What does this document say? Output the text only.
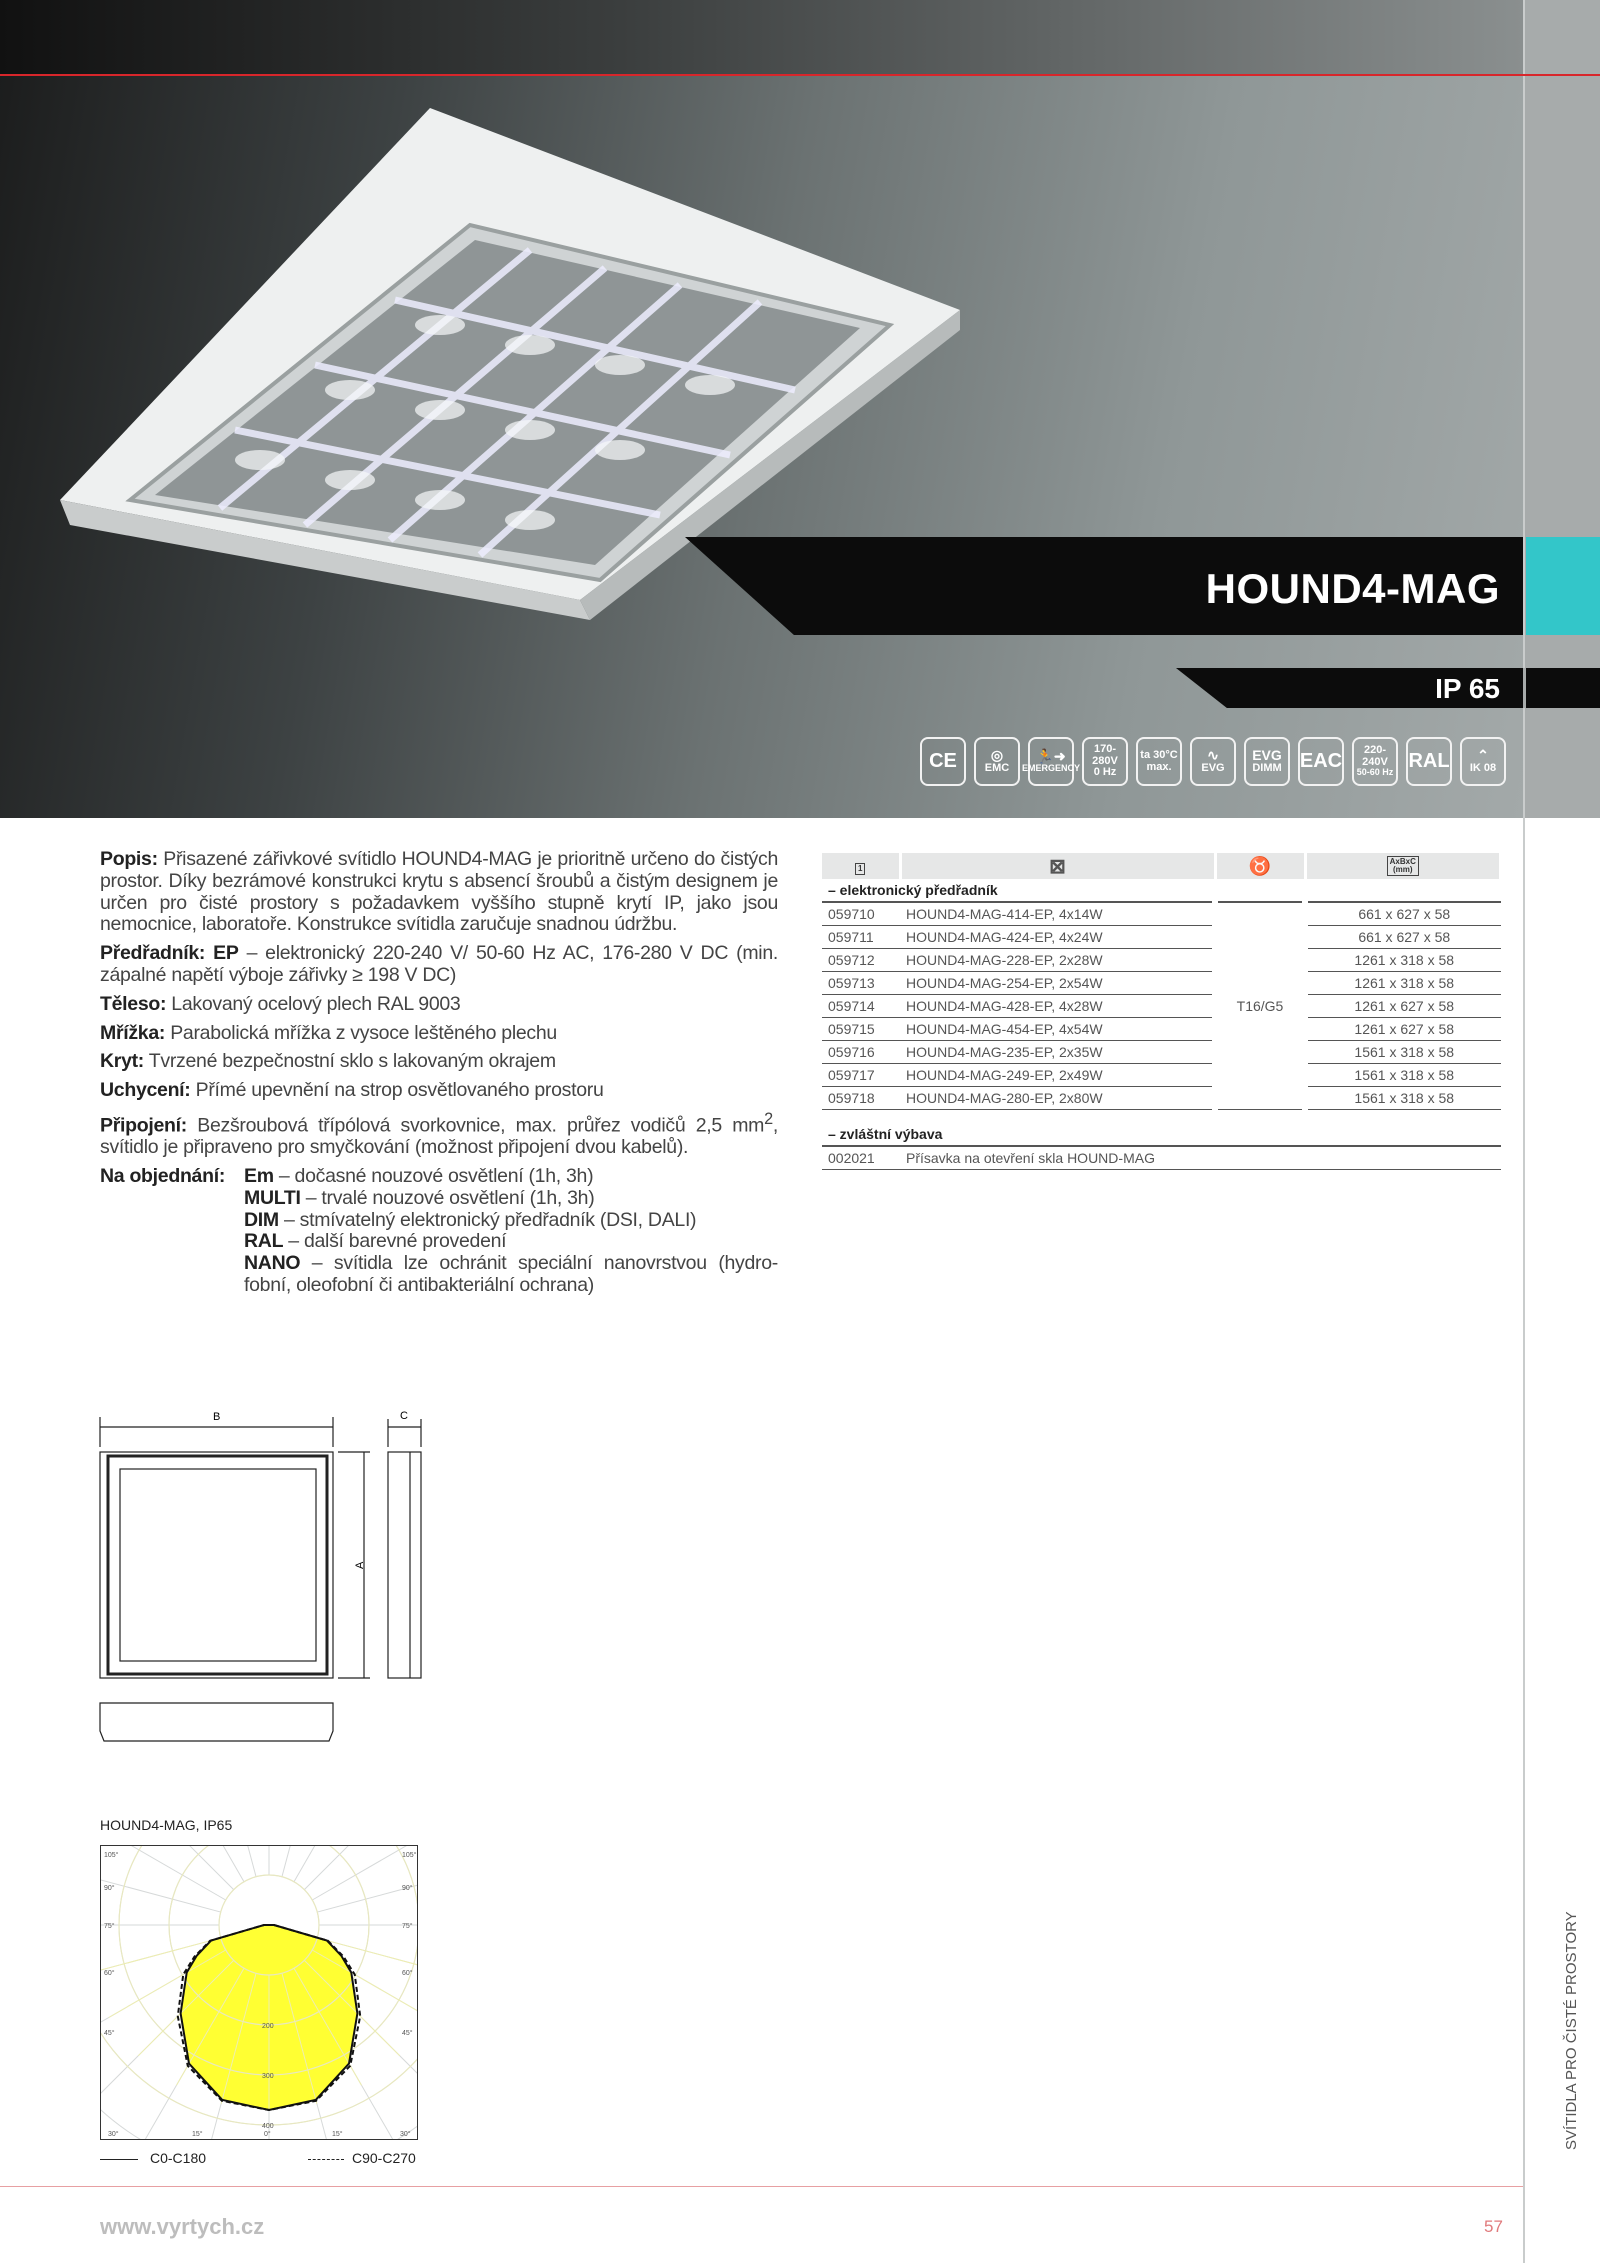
HOUND4-MAG
IP 65
CE ◎
EMC
🏃➜
EMERGENCY
170-280V
0 Hz
ta 30°C
max.
∿
EVG
EVG
DIMM EAC	220-240V
50-60 Hz
RAL ⌃
IK 08

Popis: Přisazené zářivkové svítidlo HOUND4-MAG je prioritně určeno do čistých prostor. Díky bezrámové konstrukci krytu s absencí šroubů a čistým designem je určen pro čisté prostory s požadavkem vyššího stupně krytí IP, jako jsou nemocnice, laboratoře. Konstrukce svítidla zaručuje snadnou údržbu.

Předřadník: EP – elektronický 220-240 V/ 50-60 Hz AC, 176-280 V DC (min. zápalné napětí výboje zářivky ≥ 198 V DC)

Těleso: Lakovaný ocelový plech RAL 9003

Mřížka: Parabolická mřížka z vysoce leštěného plechu

Kryt: Tvrzené bezpečnostní sklo s lakovaným okrajem

Uchycení: Přímé upevnění na strop osvětlovaného prostoru

Připojení: Bezšroubová třípólová svorkovnice, max. průřez vodičů 2,5 $mm^2$, svítidlo je připraveno pro smyčkování (možnost připojení dvou kabelů).

Na objednání: Em – dočasné nouzové osvětlení (1h, 3h)
MULTI – trvalé nouzové osvětlení (1h, 3h)
DIM – stmívatelný elektronický předřadník (DSI, DALI)
RAL – další barevné provedení
NANO – svítidla lze ochránit speciální nanovrstvou (hydro-fobní, oleofobní či antibakteriální ochrana)
1	⊠	♉	AxBxC
(mm)
– elektronický předřadník			
059710	HOUND4-MAG-414-EP, 4x14W	T16/G5	661 x 627 x 58
059711	HOUND4-MAG-424-EP, 4x24W		661 x 627 x 58
059712	HOUND4-MAG-228-EP, 2x28W		1261 x 318 x 58
059713	HOUND4-MAG-254-EP, 2x54W		1261 x 318 x 58
059714	HOUND4-MAG-428-EP, 4x28W		1261 x 627 x 58
059715	HOUND4-MAG-454-EP, 4x54W		1261 x 627 x 58
059716	HOUND4-MAG-235-EP, 2x35W		1561 x 318 x 58
059717	HOUND4-MAG-249-EP, 2x49W		1561 x 318 x 58
059718	HOUND4-MAG-280-EP, 2x80W		1561 x 318 x 58

– zvláštní výbava			
002021	Přísavka na otevření skla HOUND-MAG		
B	C
A
HOUND4-MAG, IP65
105°	105°
90°	90°
75°	75°
60°	60°
45°	45°
30°	15°	0°	15°	30°
200
300
400
C0-C180	C90-C270
www.vyrtych.cz	57
SVÍTIDLA PRO ČISTÉ PROSTORY
